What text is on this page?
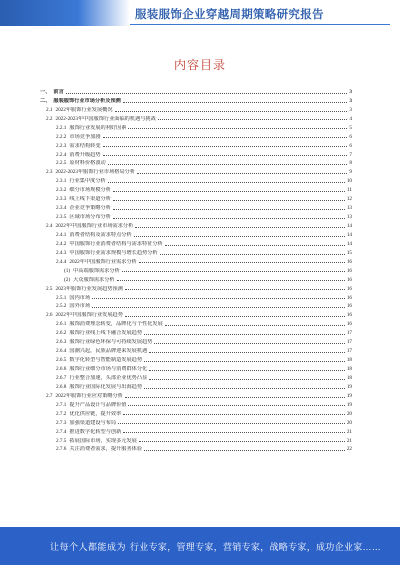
服装服饰企业穿越周期策略研究报告
内容目录
一、 前言	3
二、 服装服饰行业市场分析及预测	3
2.1 2022年服饰行业发展概况	3
2.2 2022-2023年中国服饰行业面临的机遇与挑战	4
2.2.1 服饰行业发展的利好因素	5
2.2.2 市场竞争加剧	6
2.2.3 需求结构转变	6
2.2.4 消费升级趋势	7
2.2.5 原材料价格波动	8
2.3 2022-2023年服饰行业市场格局分析	9
2.3.1 行业集中度分析	10
2.3.2 细分市场规模分析	11
2.3.3 线上线下渠道分析	12
2.3.4 企业竞争策略分析	13
2.3.5 区域市场分布分析	13
2.4 2022年中国服饰行业市场需求分析	14
2.4.1 消费者结构及需求特点分析	14
2.4.2 中国服饰行业消费者结构与需求特征分析	14
2.4.3 中国服饰行业需求规模与增长趋势分析	15
2.4.4 2022年中国服饰行业需求分析	16
(1) 中高端服饰需求分析	16
(2) 大众服饰需求分析	16
2.5 2023年服饰行业发展趋势预测	16
2.5.1 国内市场	16
2.5.2 国外市场	16
2.6 2022年中国服饰行业发展趋势	16
2.6.1 服饰消费理念转变，品牌化与个性化发展	16
2.6.2 服饰行业线上线下融合发展趋势	17
2.6.3 服饰行业绿色环保与可持续发展趋势	17
2.6.4 国潮兴起，民族品牌迎来发展机遇	17
2.6.5 数字化转型与智能制造发展趋势	18
2.6.6 服饰行业细分市场与消费群体分化	18
2.6.7 行业整合加速，头部企业优势凸显	18
2.6.8 服饰行业国际化发展与出海趋势	19
2.7 2022年服饰行业应对策略分析	19
2.7.1 提升产品设计与品牌价值	19
2.7.2 优化供应链，提升效率	20
2.7.3 加强渠道建设与布局	20
2.7.4 推进数字化转型与创新	21
2.7.5 拓展国际市场，实现多元发展	21
2.7.6 关注消费者需求，提升服务体验	22
让每个人都能成为 行业专家，管理专家，营销专家，战略专家，成功企业家……
